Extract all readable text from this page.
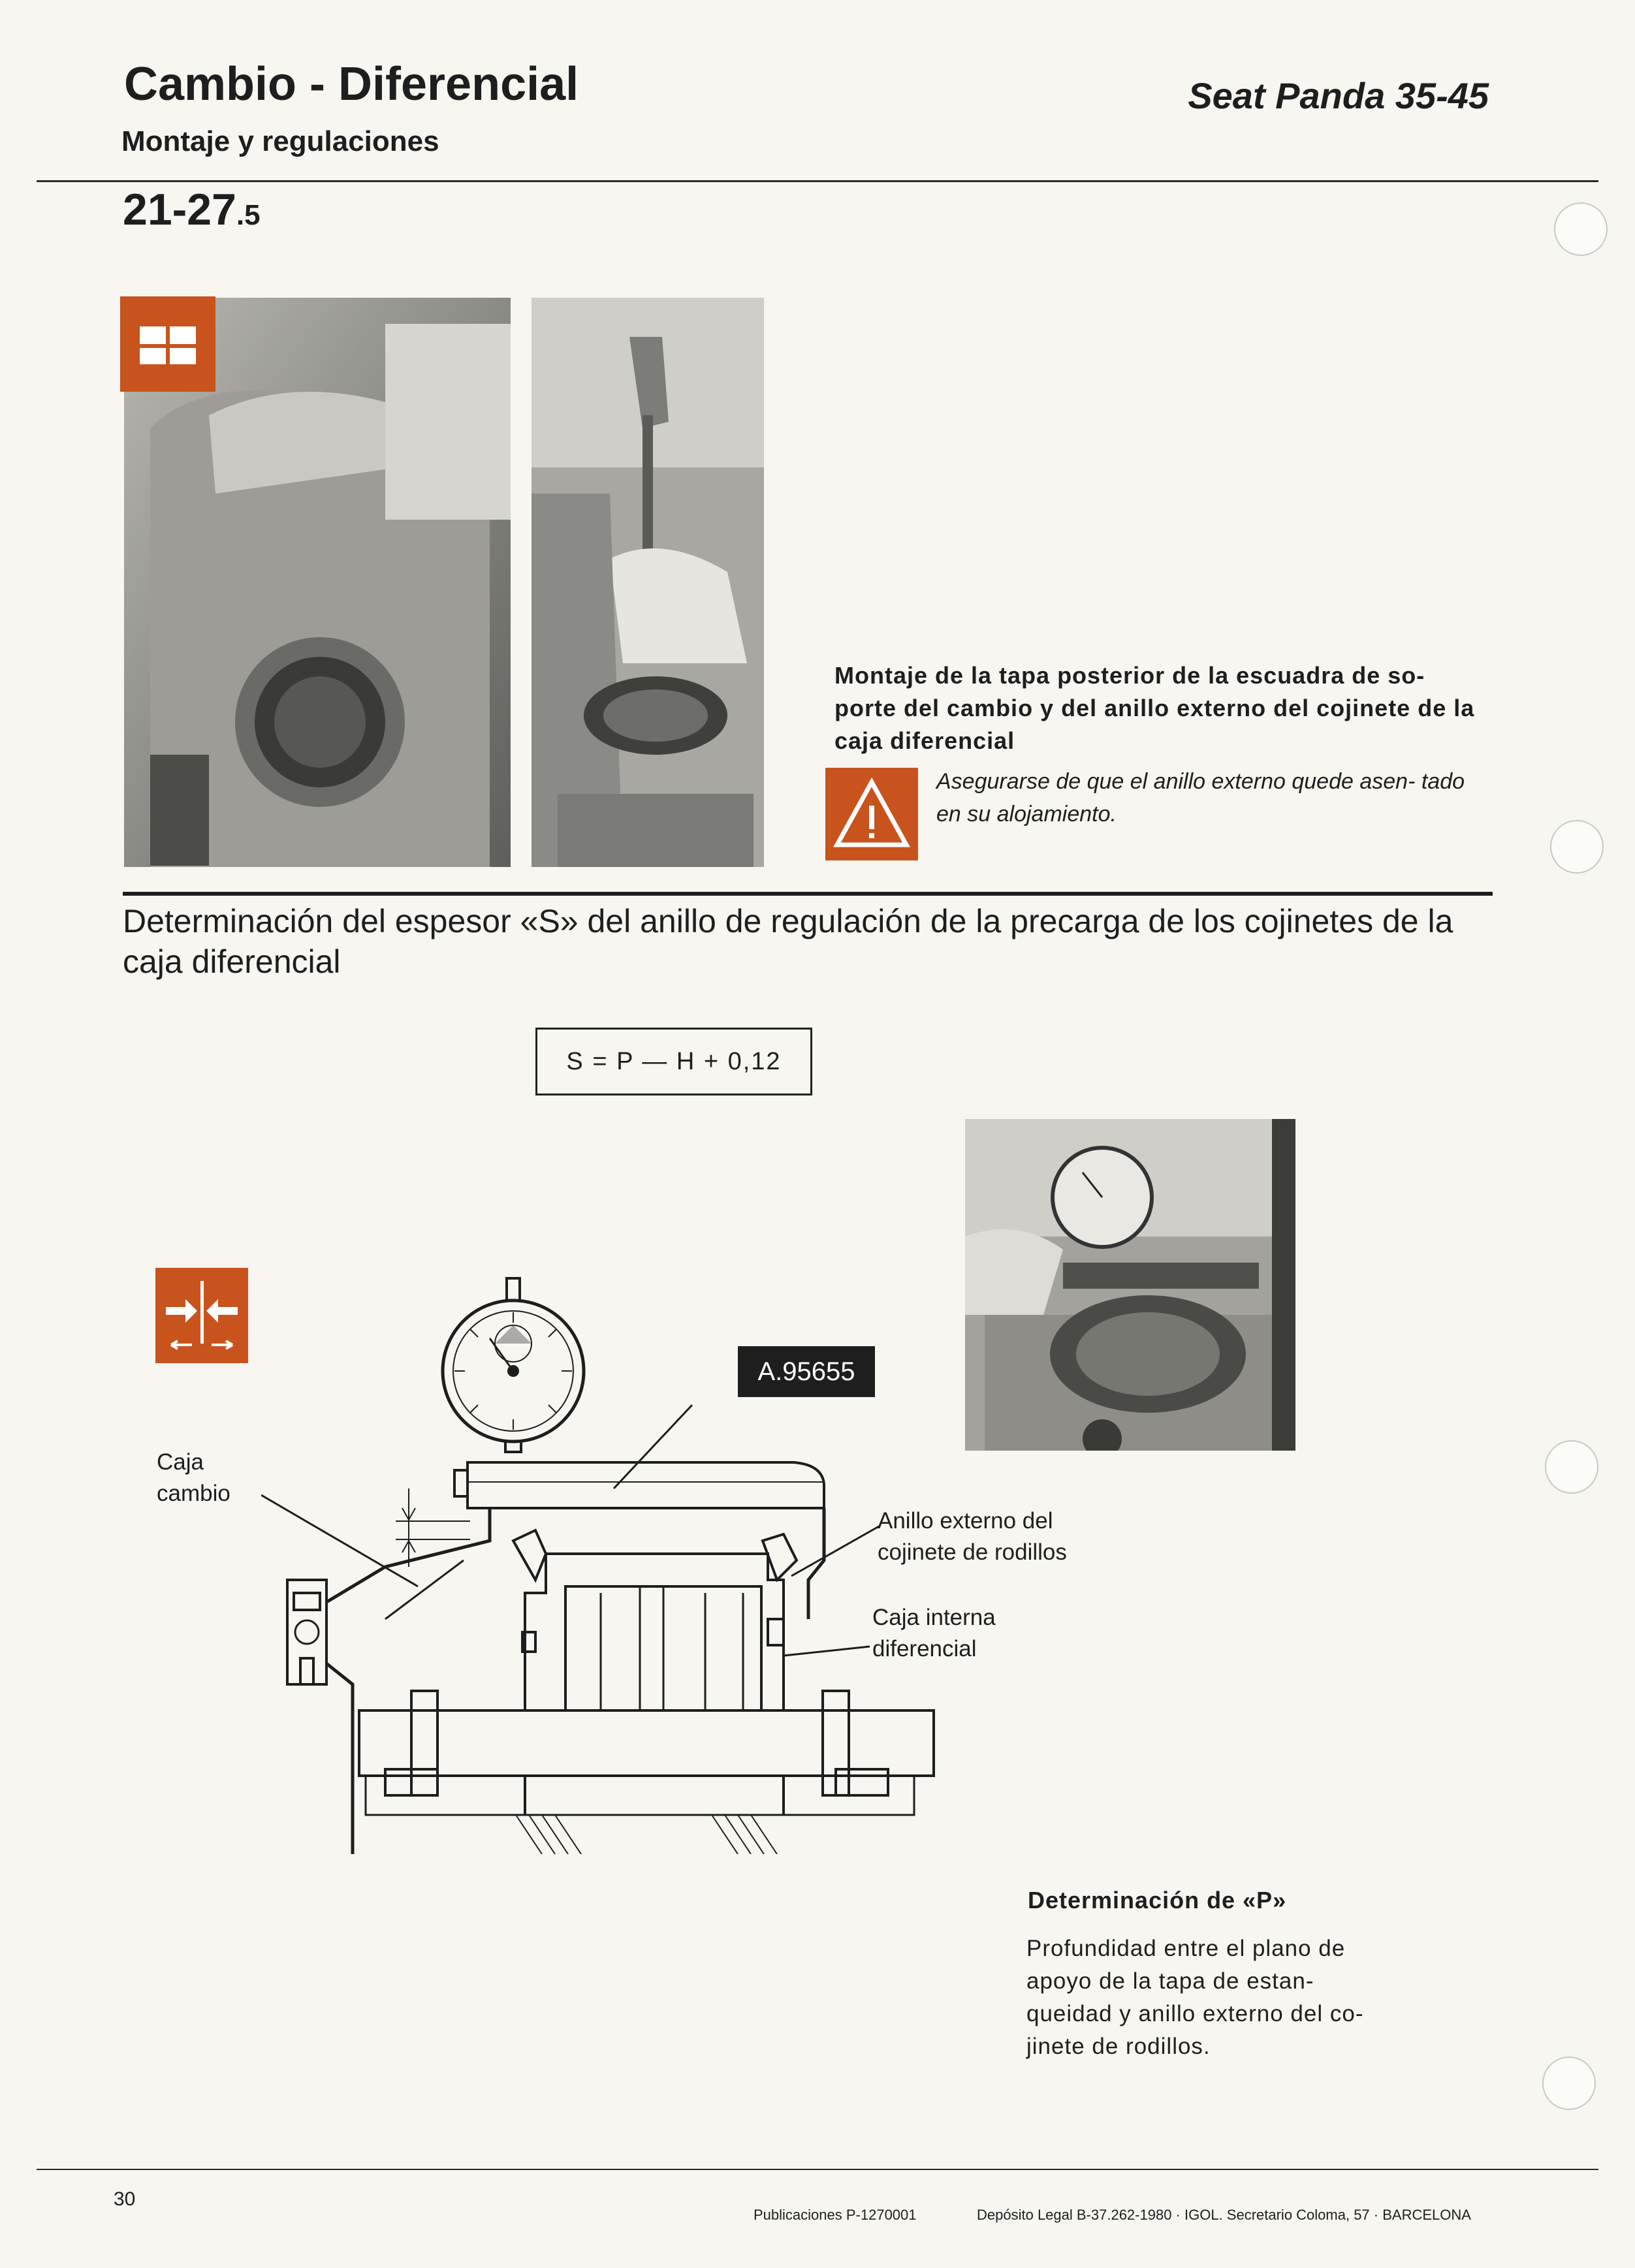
Cambio - Diferencial
Montaje y regulaciones
Seat Panda 35-45
21-27.5
Montaje de la tapa posterior de la escuadra de so- porte del cambio y del anillo externo del cojinete de la caja diferencial
Asegurarse de que el anillo externo quede asen- tado en su alojamiento.
Determinación del espesor «S» del anillo de regulación de la precarga de los cojinetes de la caja diferencial
S = P — H + 0,12
A.95655
Caja
cambio
Anillo externo del
cojinete de rodillos
Caja interna
diferencial
Determinación de «P»
Profundidad entre el plano de apoyo de la tapa de estan- queidad y anillo externo del co- jinete de rodillos.
30
Publicaciones P-1270001	Depósito Legal B-37.262-1980 · IGOL. Secretario Coloma, 57 · BARCELONA
